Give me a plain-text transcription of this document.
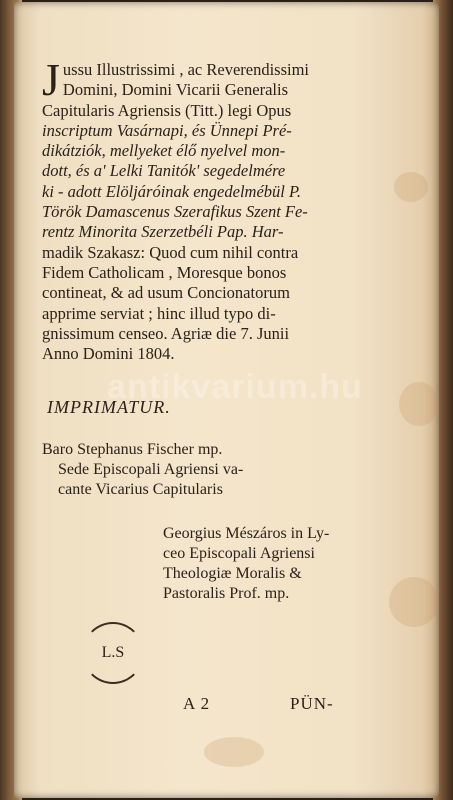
J ussu Illustrissimi , ac Reverendissimi
Domini, Domini Vicarii Generalis
Capitularis Agriensis (Titt.) legi Opus
inscriptum Vasárnapi, és Ünnepi Pré-
dikátziók, mellyeket élő nyelvel mon-
dott, és a' Lelki Tanitók' segedelmére
ki - adott Elöljáróinak engedelmébül P.
Török Damascenus Szerafikus Szent Fe-
rentz Minorita Szerzetbéli Pap. Har-
madik Szakasz: Quod cum nihil contra
Fidem Catholicam , Moresque bonos
contineat, & ad usum Concionatorum
apprime serviat ; hinc illud typo di-
gnissimum censeo. Agriæ die 7. Junii
Anno Domini 1804.
antikvarium.hu
IMPRIMATUR.
Baro Stephanus Fischer mp.
Sede Episcopali Agriensi va-
cante Vicarius Capitularis
Georgius Mészáros in Ly-
ceo Episcopali Agriensi
Theologiæ Moralis &
Pastoralis Prof. mp.
L.S
A 2	PÜN-
